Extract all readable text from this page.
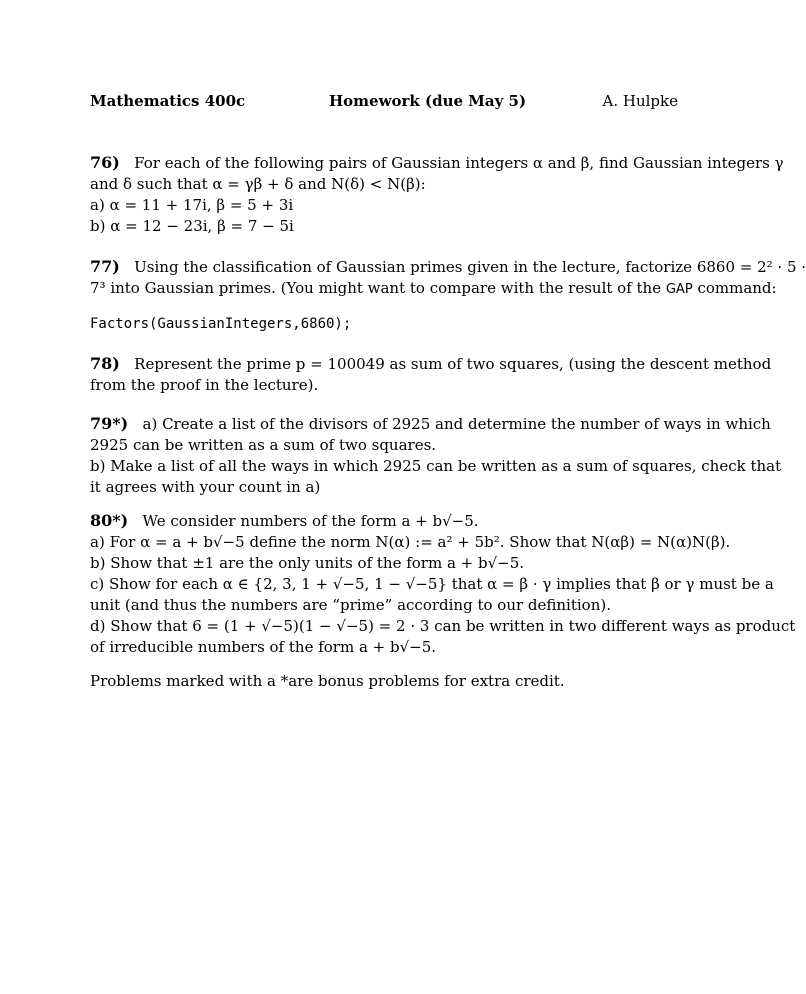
Mathematics 400c	Homework (due May 5)	A. Hulpke
76) For each of the following pairs of Gaussian integers α and β, find Gaussian integers γ
and δ such that α = γβ + δ and N(δ) < N(β):
a) α = 11 + 17i, β = 5 + 3i
b) α = 12 − 23i, β = 7 − 5i
77) Using the classification of Gaussian primes given in the lecture, factorize 6860 = 2² · 5 ·
7³ into Gaussian primes. (You might want to compare with the result of the GAP command:
Factors(GaussianIntegers,6860);
78) Represent the prime p = 100049 as sum of two squares, (using the descent method
from the proof in the lecture).
79*) a) Create a list of the divisors of 2925 and determine the number of ways in which
2925 can be written as a sum of two squares.
b) Make a list of all the ways in which 2925 can be written as a sum of squares, check that
it agrees with your count in a)
80*) We consider numbers of the form a + b√−5.
a) For α = a + b√−5 define the norm N(α) := a² + 5b². Show that N(αβ) = N(α)N(β).
b) Show that ±1 are the only units of the form a + b√−5.
c) Show for each α ∈ {2, 3, 1 + √−5, 1 − √−5} that α = β · γ implies that β or γ must be a
unit (and thus the numbers are “prime” according to our definition).
d) Show that 6 = (1 + √−5)(1 − √−5) = 2 · 3 can be written in two different ways as product
of irreducible numbers of the form a + b√−5.
Problems marked with a *are bonus problems for extra credit.
